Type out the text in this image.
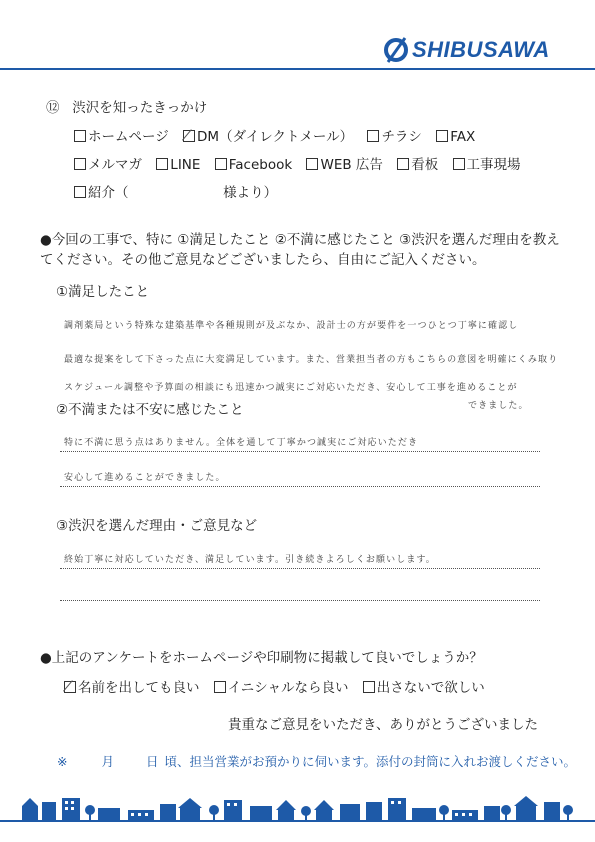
SHIBUSAWA
⑫ 渋沢を知ったきっかけ
ホームページ DM（ダイレクトメール） チラシ FAX
メルマガ LINE Facebook WEB 広告 看板 工事現場
紹介（	様より）
●今回の工事で、特に ①満足したこと ②不満に感じたこと ③渋沢を選んだ理由を教えてください。その他ご意見などございましたら、自由にご記入ください。
①満足したこと
調剤薬局という特殊な建築基準や各種規則が及ぶなか、設計士の方が要件を一つひとつ丁寧に確認し
最適な提案をして下さった点に大変満足しています。また、営業担当者の方もこちらの意図を明確にくみ取り
スケジュール調整や予算面の相談にも迅速かつ誠実にご対応いただき、安心して工事を進めることが
できました。
②不満または不安に感じたこと
特に不満に思う点はありません。全体を通して丁寧かつ誠実にご対応いただき
安心して進めることができました。
③渋沢を選んだ理由・ご意見など
終始丁寧に対応していただき、満足しています。引き続きよろしくお願いします。
●上記のアンケートをホームページや印刷物に掲載して良いでしょうか？
名前を出しても良い イニシャルなら良い 出さないで欲しい
貴重なご意見をいただき、ありがとうございました
※	月	日 頃、担当営業がお預かりに伺います。添付の封筒に入れお渡しください。
